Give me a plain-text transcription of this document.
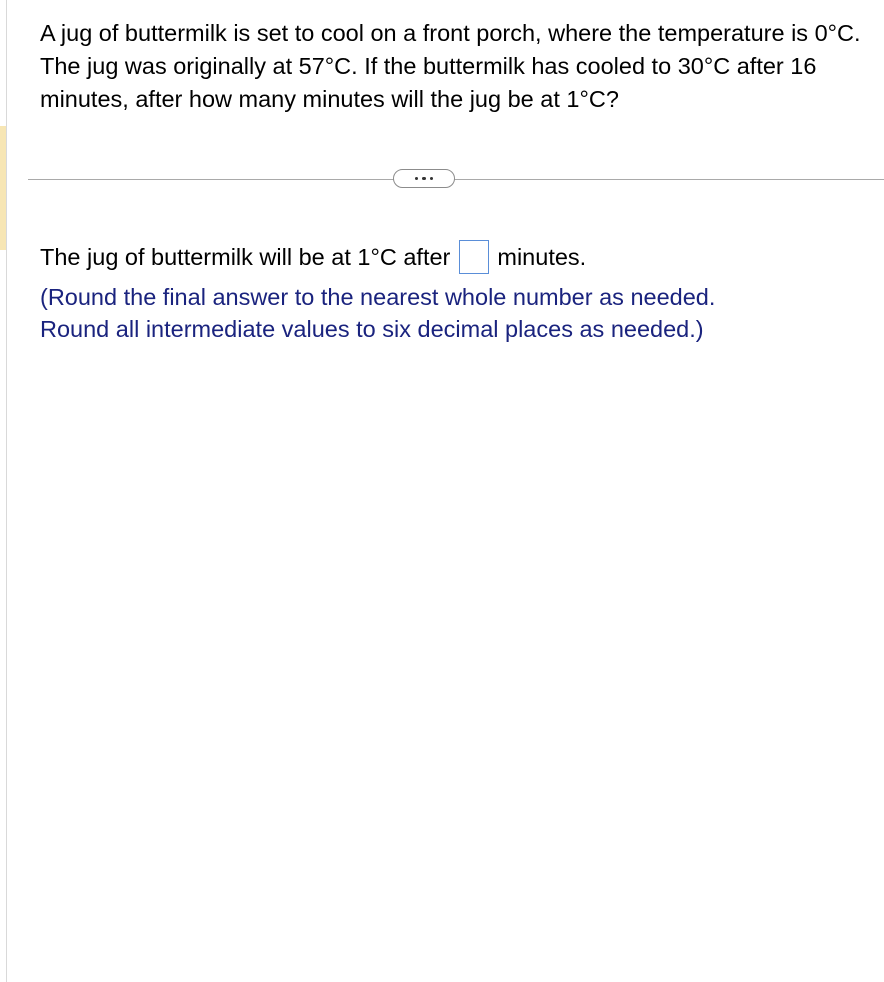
A jug of buttermilk is set to cool on a front porch, where the temperature is 0°C. The jug was originally at 57°C. If the buttermilk has cooled to 30°C after 16 minutes, after how many minutes will the jug be at 1°C?

The jug of buttermilk will be at 1°C after minutes.
(Round the final answer to the nearest whole number as needed.
Round all intermediate values to six decimal places as needed.)
